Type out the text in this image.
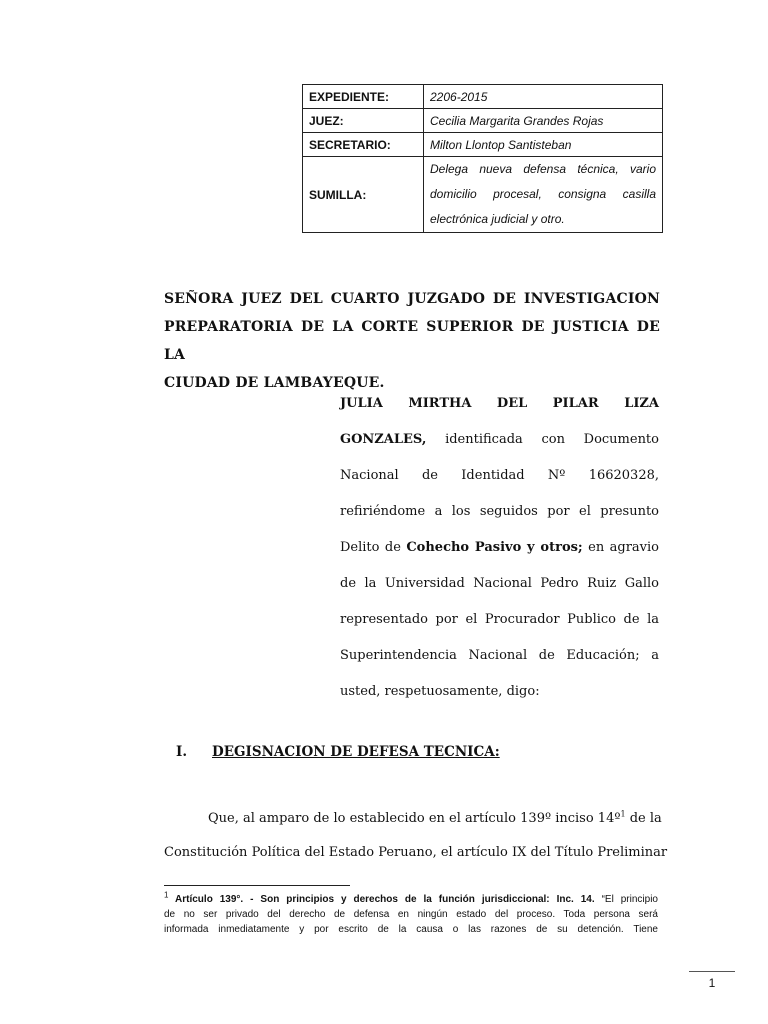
EXPEDIENTE:	2206-2015
JUEZ:	Cecilia Margarita Grandes Rojas
SECRETARIO:	Milton Llontop Santisteban
SUMILLA:	Delega nueva defensa técnica, vario domicilio procesal, consigna casilla electrónica judicial y otro.
SEÑORA JUEZ DEL CUARTO JUZGADO DE INVESTIGACION
PREPARATORIA DE LA CORTE SUPERIOR DE JUSTICIA DE LA
CIUDAD DE LAMBAYEQUE.
JULIA MIRTHA DEL PILAR LIZA
GONZALES, identificada con Documento
Nacional de Identidad Nº 16620328,
refiriéndome a los seguidos por el presunto
Delito de Cohecho Pasivo y otros; en agravio
de la Universidad Nacional Pedro Ruiz Gallo
representado por el Procurador Publico de la
Superintendencia Nacional de Educación; a
usted, respetuosamente, digo:
I. DEGISNACION DE DEFESA TECNICA:
Que, al amparo de lo establecido en el artículo 139º inciso 14º$^1$ de la
Constitución Política del Estado Peruano, el artículo IX del Título Preliminar
$^1$ Artículo 139°. - Son principios y derechos de la función jurisdiccional: Inc. 14. “El principio
de no ser privado del derecho de defensa en ningún estado del proceso. Toda persona será
informada inmediatamente y por escrito de la causa o las razones de su detención. Tiene
1
